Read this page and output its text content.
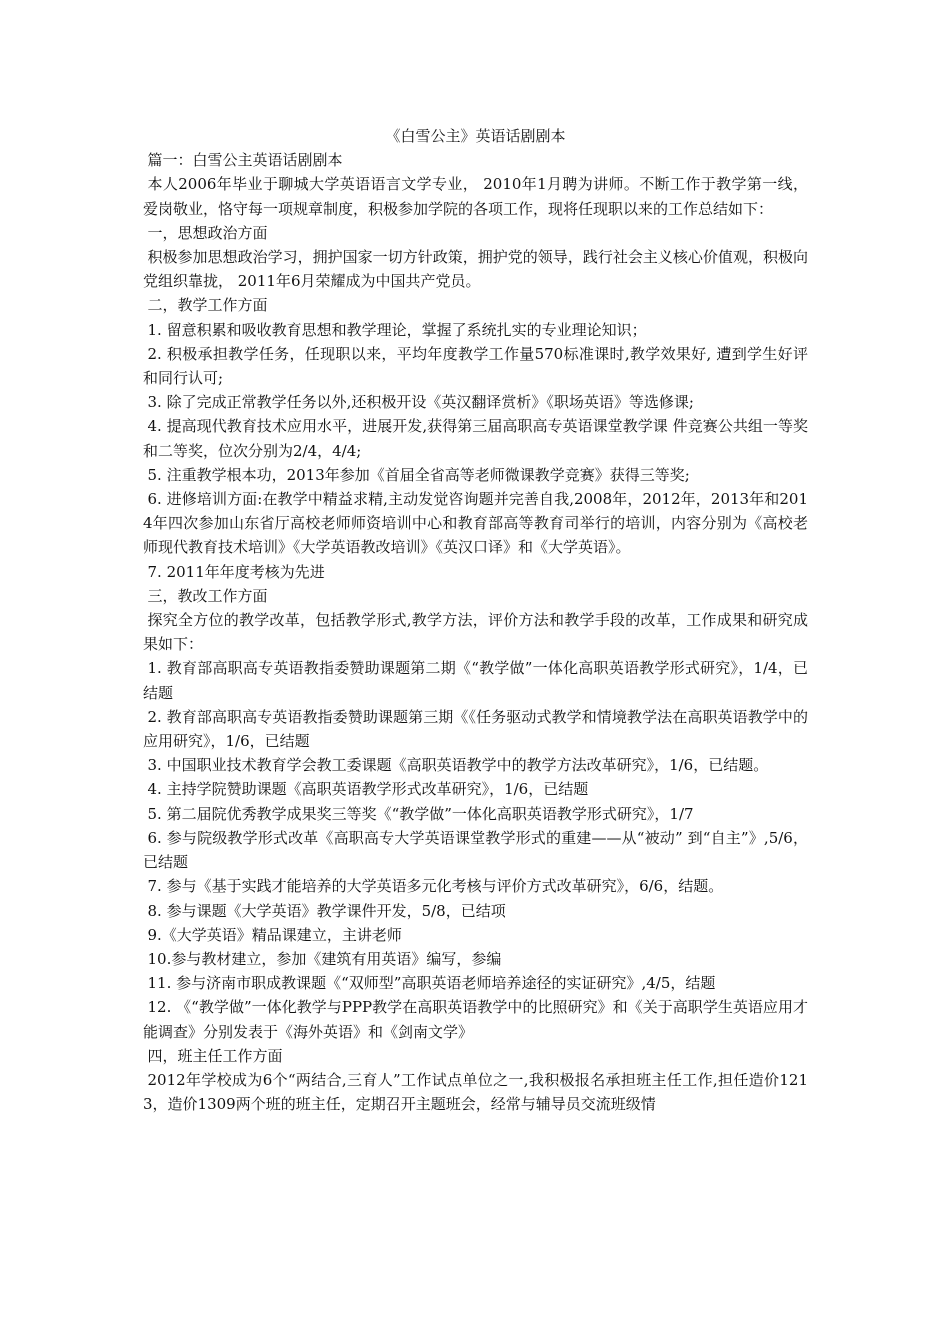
《白雪公主》英语话剧剧本

篇一：白雪公主英语话剧剧本

本人2006年毕业于聊城大学英语语言文学专业， 2010年1月聘为讲师。不断工作于教学第一线，爱岗敬业，恪守每一项规章制度，积极参加学院的各项工作，现将任现职以来的工作总结如下：

一，思想政治方面

积极参加思想政治学习，拥护国家一切方针政策，拥护党的领导，践行社会主义核心价值观，积极向党组织靠拢， 2011年6月荣耀成为中国共产党员。

二，教学工作方面

1. 留意积累和吸收教育思想和教学理论，掌握了系统扎实的专业理论知识；

2. 积极承担教学任务，任现职以来，平均年度教学工作量570标准课时,教学效果好, 遭到学生好评和同行认可;

3. 除了完成正常教学任务以外,还积极开设《英汉翻译赏析》《职场英语》等选修课;

4. 提高现代教育技术应用水平，进展开发,获得第三届高职高专英语课堂教学课 件竞赛公共组一等奖和二等奖，位次分别为2/4，4/4;

5. 注重教学根本功，2013年参加《首届全省高等老师微课教学竞赛》获得三等奖;

6. 进修培训方面:在教学中精益求精,主动发觉咨询题并完善自我,2008年，2012年，2013年和2014年四次参加山东省厅高校老师师资培训中心和教育部高等教育司举行的培训，内容分别为《高校老师现代教育技术培训》《大学英语教改培训》《英汉口译》和《大学英语》。

7. 2011年年度考核为先进

三，教改工作方面

探究全方位的教学改革，包括教学形式,教学方法，评价方法和教学手段的改革，工作成果和研究成果如下：

1. 教育部高职高专英语教指委赞助课题第二期《“教学做”一体化高职英语教学形式研究》，1/4，已结题

2. 教育部高职高专英语教指委赞助课题第三期《《任务驱动式教学和情境教学法在高职英语教学中的应用研究》，1/6，已结题

3. 中国职业技术教育学会教工委课题《高职英语教学中的教学方法改革研究》，1/6，已结题。

4. 主持学院赞助课题《高职英语教学形式改革研究》，1/6，已结题

5. 第二届院优秀教学成果奖三等奖《“教学做”一体化高职英语教学形式研究》，1/7

6. 参与院级教学形式改革《高职高专大学英语课堂教学形式的重建——从“被动” 到“自主”》,5/6，已结题

7. 参与《基于实践才能培养的大学英语多元化考核与评价方式改革研究》，6/6，结题。

8. 参与课题《大学英语》教学课件开发，5/8，已结项

9.《大学英语》精品课建立，主讲老师

10.参与教材建立，参加《建筑有用英语》编写，参编

11. 参与济南市职成教课题《“双师型”高职英语老师培养途径的实证研究》,4/5，结题

12. 《“教学做”一体化教学与PPP教学在高职英语教学中的比照研究》和《关于高职学生英语应用才能调查》分别发表于《海外英语》和《剑南文学》

四，班主任工作方面

2012年学校成为6个“两结合,三育人”工作试点单位之一,我积极报名承担班主任工作,担任造价1213，造价1309两个班的班主任，定期召开主题班会，经常与辅导员交流班级情
